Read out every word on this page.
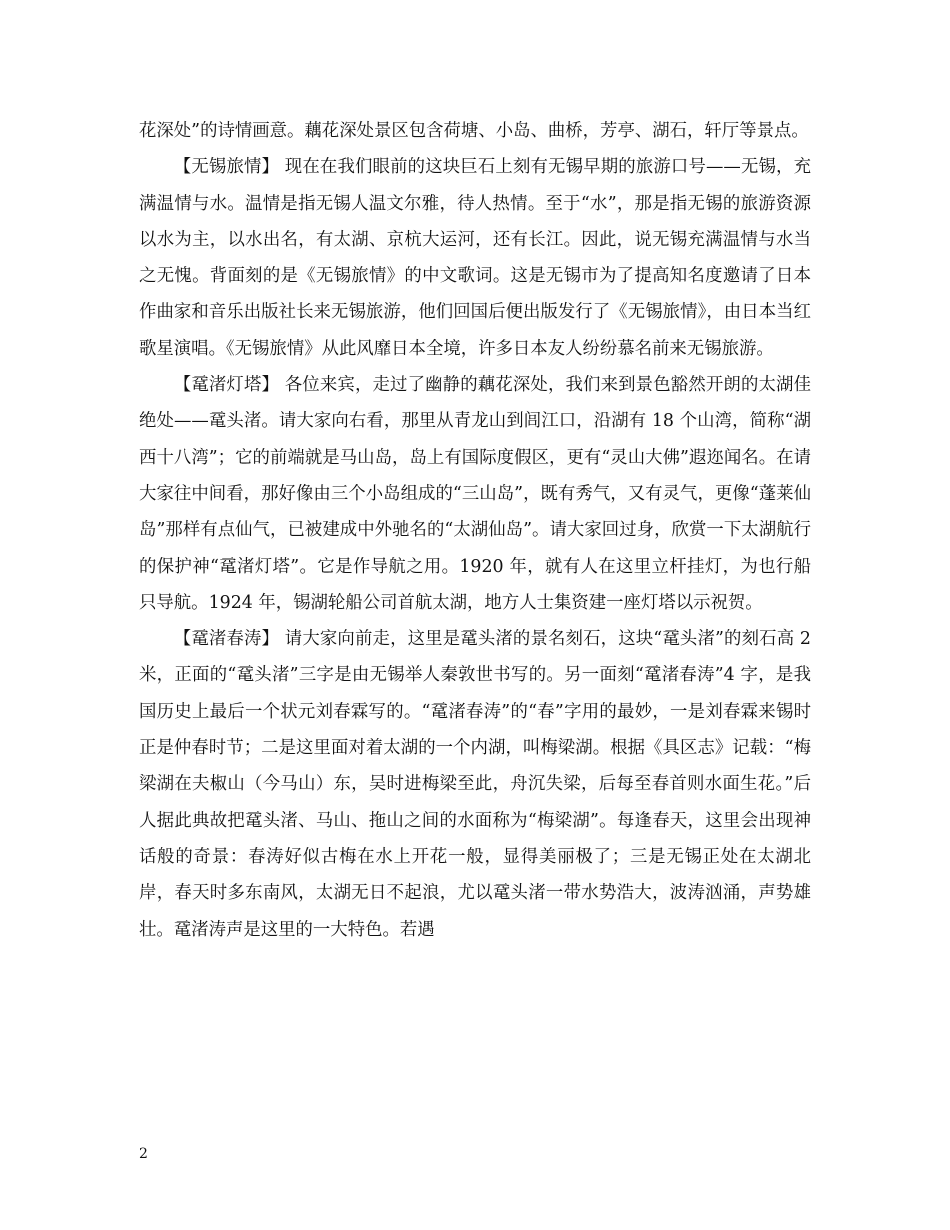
花深处”的诗情画意。藕花深处景区包含荷塘、小岛、曲桥，芳亭、湖石，轩厅等景点。

【无锡旅情】 现在在我们眼前的这块巨石上刻有无锡早期的旅游口号——无锡，充满温情与水。温情是指无锡人温文尔雅，待人热情。至于“水”，那是指无锡的旅游资源以水为主，以水出名，有太湖、京杭大运河，还有长江。因此，说无锡充满温情与水当之无愧。背面刻的是《无锡旅情》的中文歌词。这是无锡市为了提高知名度邀请了日本作曲家和音乐出版社长来无锡旅游，他们回国后便出版发行了《无锡旅情》，由日本当红歌星演唱。《无锡旅情》从此风靡日本全境，许多日本友人纷纷慕名前来无锡旅游。

【鼋渚灯塔】 各位来宾，走过了幽静的藕花深处，我们来到景色豁然开朗的太湖佳绝处——鼋头渚。请大家向右看，那里从青龙山到闾江口，沿湖有 18 个山湾，简称“湖西十八湾”；它的前端就是马山岛，岛上有国际度假区，更有“灵山大佛”遐迩闻名。在请大家往中间看，那好像由三个小岛组成的“三山岛”，既有秀气，又有灵气，更像“蓬莱仙岛”那样有点仙气，已被建成中外驰名的“太湖仙岛”。请大家回过身，欣赏一下太湖航行的保护神“鼋渚灯塔”。它是作导航之用。1920 年，就有人在这里立杆挂灯，为也行船只导航。1924 年，锡湖轮船公司首航太湖，地方人士集资建一座灯塔以示祝贺。

【鼋渚春涛】 请大家向前走，这里是鼋头渚的景名刻石，这块“鼋头渚”的刻石高 2 米，正面的“鼋头渚”三字是由无锡举人秦敦世书写的。另一面刻“鼋渚春涛”4 字，是我国历史上最后一个状元刘春霖写的。“鼋渚春涛”的“春”字用的最妙，一是刘春霖来锡时正是仲春时节；二是这里面对着太湖的一个内湖，叫梅梁湖。根据《具区志》记载：“梅梁湖在夫椒山（今马山）东，吴时进梅梁至此，舟沉失梁，后每至春首则水面生花。”后人据此典故把鼋头渚、马山、拖山之间的水面称为“梅梁湖”。每逢春天，这里会出现神话般的奇景：春涛好似古梅在水上开花一般，显得美丽极了；三是无锡正处在太湖北岸，春天时多东南风，太湖无日不起浪，尤以鼋头渚一带水势浩大，波涛汹涌，声势雄壮。鼋渚涛声是这里的一大特色。若遇

2
